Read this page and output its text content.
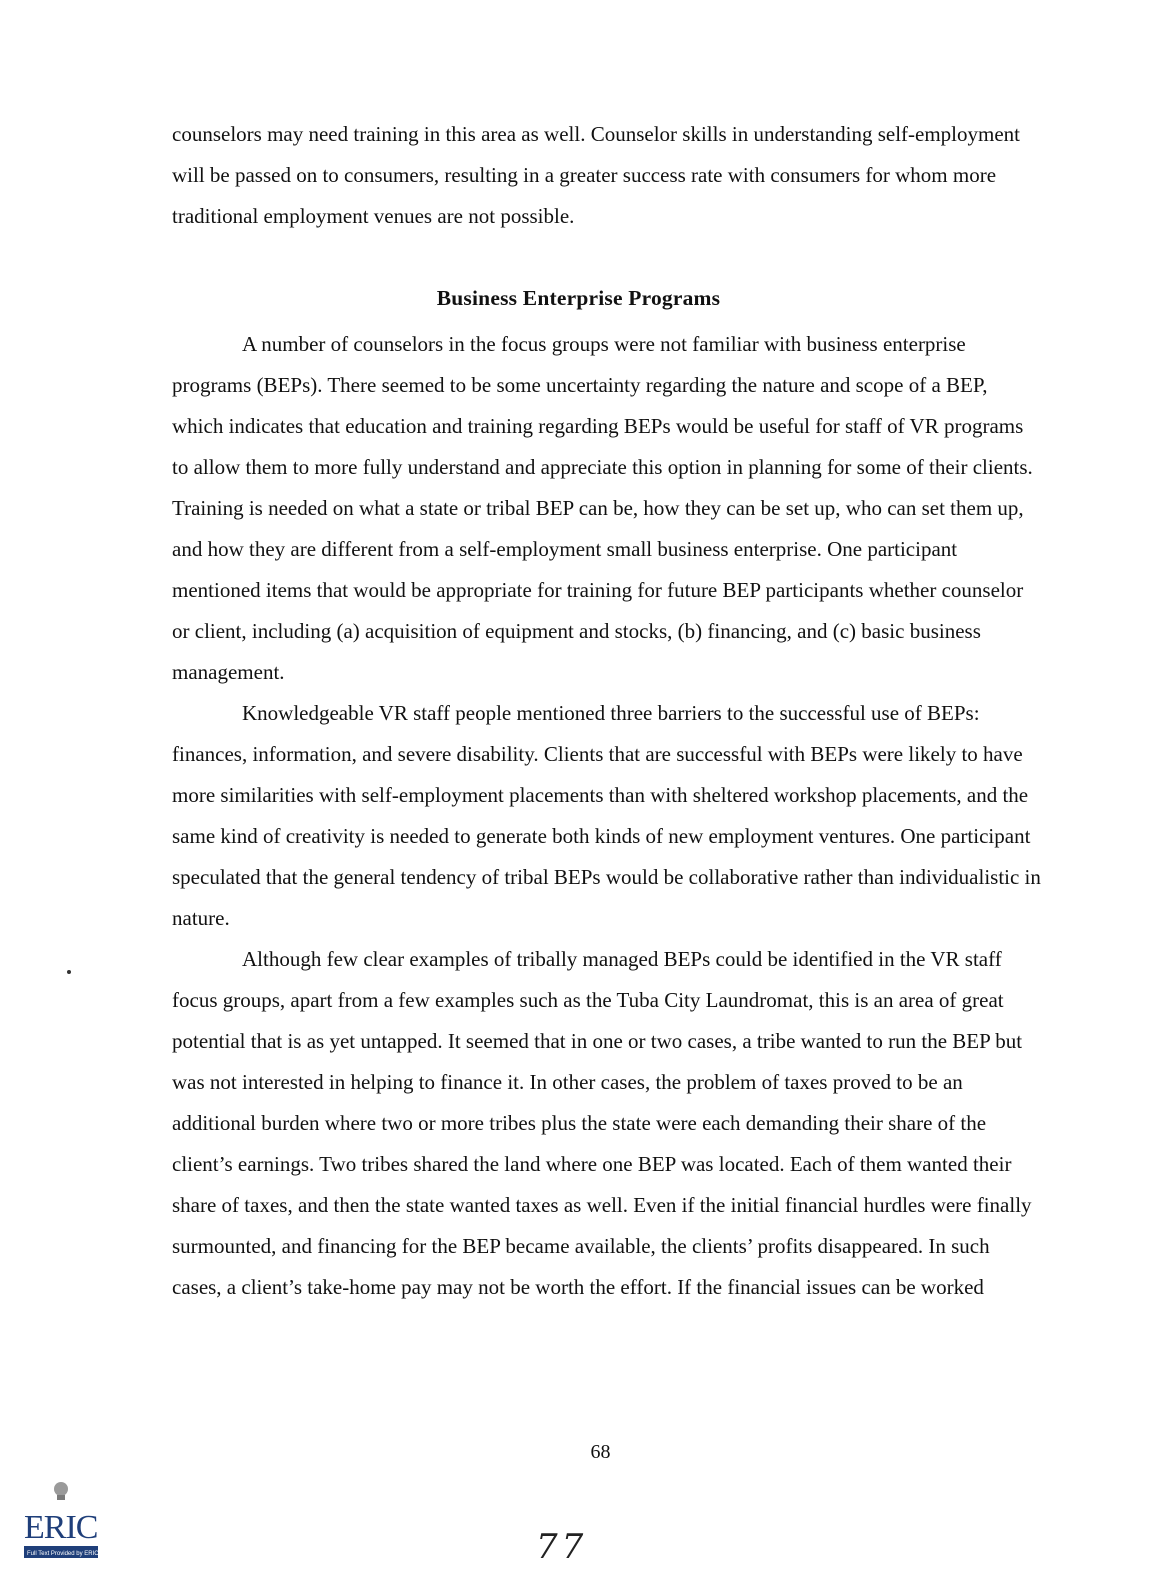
counselors may need training in this area as well. Counselor skills in understanding self-employment will be passed on to consumers, resulting in a greater success rate with consumers for whom more traditional employment venues are not possible.

Business Enterprise Programs

A number of counselors in the focus groups were not familiar with business enterprise programs (BEPs). There seemed to be some uncertainty regarding the nature and scope of a BEP, which indicates that education and training regarding BEPs would be useful for staff of VR programs to allow them to more fully understand and appreciate this option in planning for some of their clients. Training is needed on what a state or tribal BEP can be, how they can be set up, who can set them up, and how they are different from a self-employment small business enterprise. One participant mentioned items that would be appropriate for training for future BEP participants whether counselor or client, including (a) acquisition of equipment and stocks, (b) financing, and (c) basic business management.

Knowledgeable VR staff people mentioned three barriers to the successful use of BEPs: finances, information, and severe disability. Clients that are successful with BEPs were likely to have more similarities with self-employment placements than with sheltered workshop placements, and the same kind of creativity is needed to generate both kinds of new employment ventures. One participant speculated that the general tendency of tribal BEPs would be collaborative rather than individualistic in nature.

Although few clear examples of tribally managed BEPs could be identified in the VR staff focus groups, apart from a few examples such as the Tuba City Laundromat, this is an area of great potential that is as yet untapped. It seemed that in one or two cases, a tribe wanted to run the BEP but was not interested in helping to finance it. In other cases, the problem of taxes proved to be an additional burden where two or more tribes plus the state were each demanding their share of the client’s earnings. Two tribes shared the land where one BEP was located. Each of them wanted their share of taxes, and then the state wanted taxes as well. Even if the initial financial hurdles were finally surmounted, and financing for the BEP became available, the clients’ profits disappeared. In such cases, a client’s take-home pay may not be worth the effort. If the financial issues can be worked

68
77
ERIC
Full Text Provided by ERIC
